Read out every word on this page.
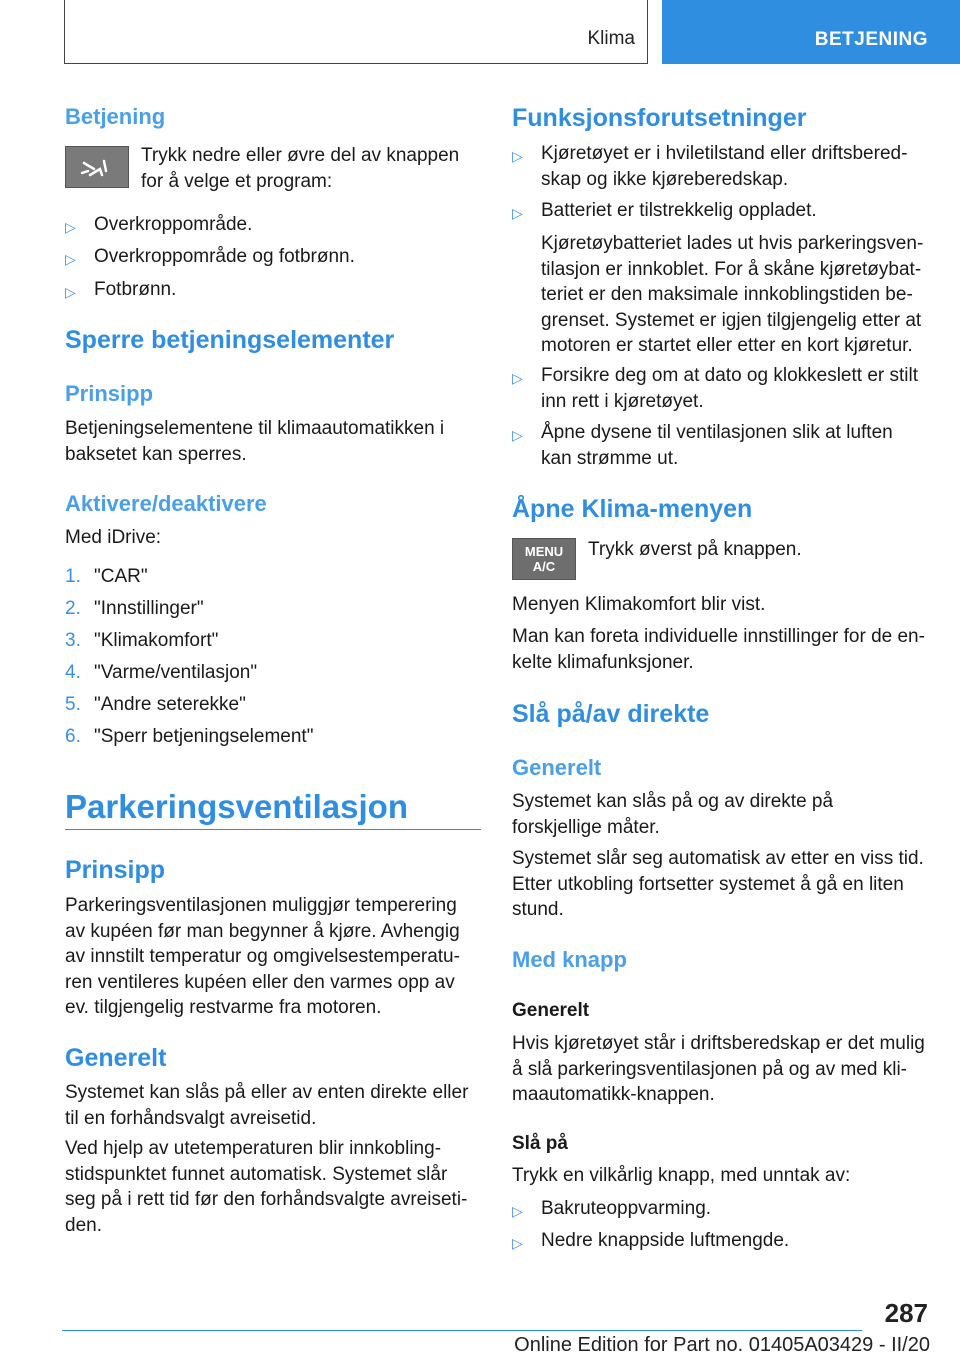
Klima	BETJENING
Betjening
Trykk nedre eller øvre del av knappen for å velge et program:
▷ Overkroppområde.
▷ Overkroppområde og fotbrønn.
▷ Fotbrønn.
Sperre betjeningselementer
Prinsipp
Betjeningselementene til klimaautomatikken i baksetet kan sperres.
Aktivere/deaktivere
Med iDrive:
1. "CAR"
2. "Innstillinger"
3. "Klimakomfort"
4. "Varme/ventilasjon"
5. "Andre seterekke"
6. "Sperr betjeningselement"
Parkeringsventilasjon
Prinsipp
Parkeringsventilasjonen muliggjør temperering av kupéen før man begynner å kjøre. Avhengig av innstilt temperatur og omgivelsestemperaturen ventileres kupéen eller den varmes opp av ev. tilgjengelig restvarme fra motoren.
Generelt
Systemet kan slås på eller av enten direkte eller til en forhåndsvalgt avreisetid.
Ved hjelp av utetemperaturen blir innkoblingstidspunktet funnet automatisk. Systemet slår seg på i rett tid før den forhåndsvalgte avreisetiden.
Funksjonsforutsetninger
▷ Kjøretøyet er i hviletilstand eller driftsberedskap og ikke kjøreberedskap.
▷ Batteriet er tilstrekkelig oppladet.
Kjøretøybatteriet lades ut hvis parkeringsventilasjon er innkoblet. For å skåne kjøretøybatteriet er den maksimale innkoblingstiden begrenset. Systemet er igjen tilgjengelig etter at motoren er startet eller etter en kort kjøretur.
▷ Forsikre deg om at dato og klokkeslett er stilt inn rett i kjøretøyet.
▷ Åpne dysene til ventilasjonen slik at luften kan strømme ut.
Åpne Klima-menyen
MENU
A/C
Trykk øverst på knappen.
Menyen Klimakomfort blir vist.
Man kan foreta individuelle innstillinger for de enkelte klimafunksjoner.
Slå på/av direkte
Generelt
Systemet kan slås på og av direkte på forskjellige måter.
Systemet slår seg automatisk av etter en viss tid. Etter utkobling fortsetter systemet å gå en liten stund.
Med knapp
Generelt
Hvis kjøretøyet står i driftsberedskap er det mulig å slå parkeringsventilasjonen på og av med klimaautomatikk-knappen.
Slå på
Trykk en vilkårlig knapp, med unntak av:
▷ Bakruteoppvarming.
▷ Nedre knappside luftmengde.
287
Online Edition for Part no. 01405A03429 - II/20
